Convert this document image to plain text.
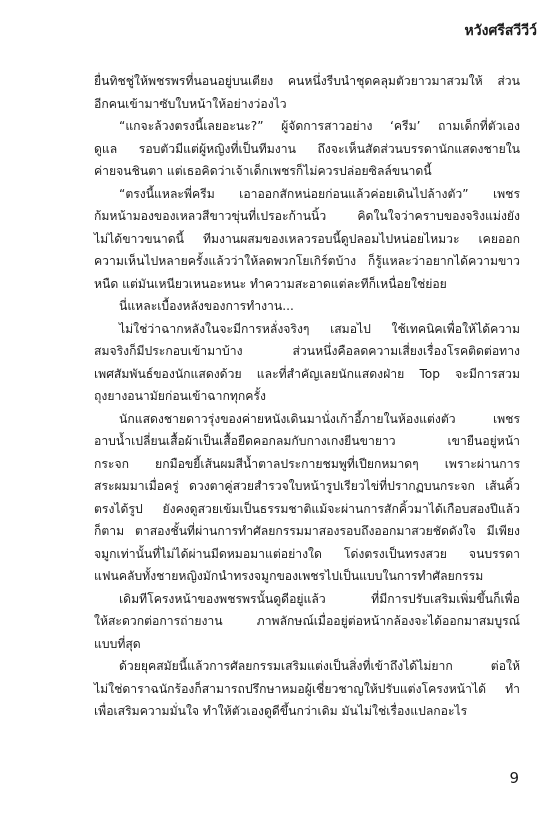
หวังศรีสวีวีว์
ยื่นทิชชู่ให้พชรพรที่นอนอยู่บนเตียง คนหนึ่งรีบนำชุดคลุมตัวยาวมาสวมให้ ส่วน
อีกคนเข้ามาซับใบหน้าให้อย่างว่องไว
“แกจะล้วงตรงนี้เลยอะนะ?” ผู้จัดการสาวอย่าง ‘ครีม’ ถามเด็กที่ตัวเอง
ดูแล รอบตัวมีแต่ผู้หญิงที่เป็นทีมงาน ถึงจะเห็นสัดส่วนบรรดานักแสดงชายใน
ค่ายจนชินตา แต่เธอคิดว่าเจ้าเด็กเพชรก็ไม่ควรปล่อยซิลล์ขนาดนี้
“ตรงนี้แหละพี่ครีม เอาออกสักหน่อยก่อนแล้วค่อยเดินไปล้างตัว” เพชร
ก้มหน้ามองของเหลวสีขาวขุ่นที่เปรอะก้านนิ้ว คิดในใจว่าคราบของจริงแม่งยัง
ไม่ได้ขาวขนาดนี้ ทีมงานผสมของเหลวรอบนี้ดูปลอมไปหน่อยไหมวะ เคยออก
ความเห็นไปหลายครั้งแล้วว่าให้ลดพวกโยเกิร์ตบ้าง ก็รู้แหละว่าอยากได้ความขาว
หนืด แต่มันเหนียวเหนอะหนะ ทำความสะอาดแต่ละทีก็เหนื่อยใช่ย่อย
นี่แหละเบื้องหลังของการทำงาน...
ไม่ใช่ว่าฉากหลังในจะมีการหลั่งจริงๆ เสมอไป ใช้เทคนิคเพื่อให้ได้ความ
สมจริงก็มีประกอบเข้ามาบ้าง ส่วนหนึ่งคือลดความเสี่ยงเรื่องโรคติดต่อทาง
เพศสัมพันธ์ของนักแสดงด้วย และที่สำคัญเลยนักแสดงฝ่าย Top จะมีการสวม
ถุงยางอนามัยก่อนเข้าฉากทุกครั้ง
นักแสดงชายดาวรุ่งของค่ายหนังเดินมานั่งเก้าอี้ภายในห้องแต่งตัว เพชร
อาบน้ำเปลี่ยนเสื้อผ้าเป็นเสื้อยืดคอกลมกับกางเกงยีนขายาว เขายืนอยู่หน้า
กระจก ยกมือขยี้เส้นผมสีน้ำตาลประกายชมพูที่เปียกหมาดๆ เพราะผ่านการ
สระผมมาเมื่อครู่ ดวงตาคู่สวยสำรวจใบหน้ารูปเรียวไข่ที่ปรากฏบนกระจก เส้นคิ้ว
ตรงได้รูป ยังคงดูสวยเข้มเป็นธรรมชาติแม้จะผ่านการสักคิ้วมาได้เกือบสองปีแล้ว
ก็ตาม ตาสองชั้นที่ผ่านการทำศัลยกรรมมาสองรอบถึงออกมาสวยชัดดังใจ มีเพียง
จมูกเท่านั้นที่ไม่ได้ผ่านมีดหมอมาแต่อย่างใด โด่งตรงเป็นทรงสวย จนบรรดา
แฟนคลับทั้งชายหญิงมักนำทรงจมูกของเพชรไปเป็นแบบในการทำศัลยกรรม
เดิมทีโครงหน้าของพชรพรนั้นดูดีอยู่แล้ว ที่มีการปรับเสริมเพิ่มขึ้นก็เพื่อ
ให้สะดวกต่อการถ่ายงาน ภาพลักษณ์เมื่ออยู่ต่อหน้ากล้องจะได้ออกมาสมบูรณ์
แบบที่สุด
ด้วยยุคสมัยนี้แล้วการศัลยกรรมเสริมแต่งเป็นสิ่งที่เข้าถึงได้ไม่ยาก ต่อให้
ไม่ใช่ดาราฉนักร้องก็สามารถปรึกษาหมอผู้เชี่ยวชาญให้ปรับแต่งโครงหน้าได้ ทำ
เพื่อเสริมความมั่นใจ ทำให้ตัวเองดูดีขึ้นกว่าเดิม มันไม่ใช่เรื่องแปลกอะไร
9
